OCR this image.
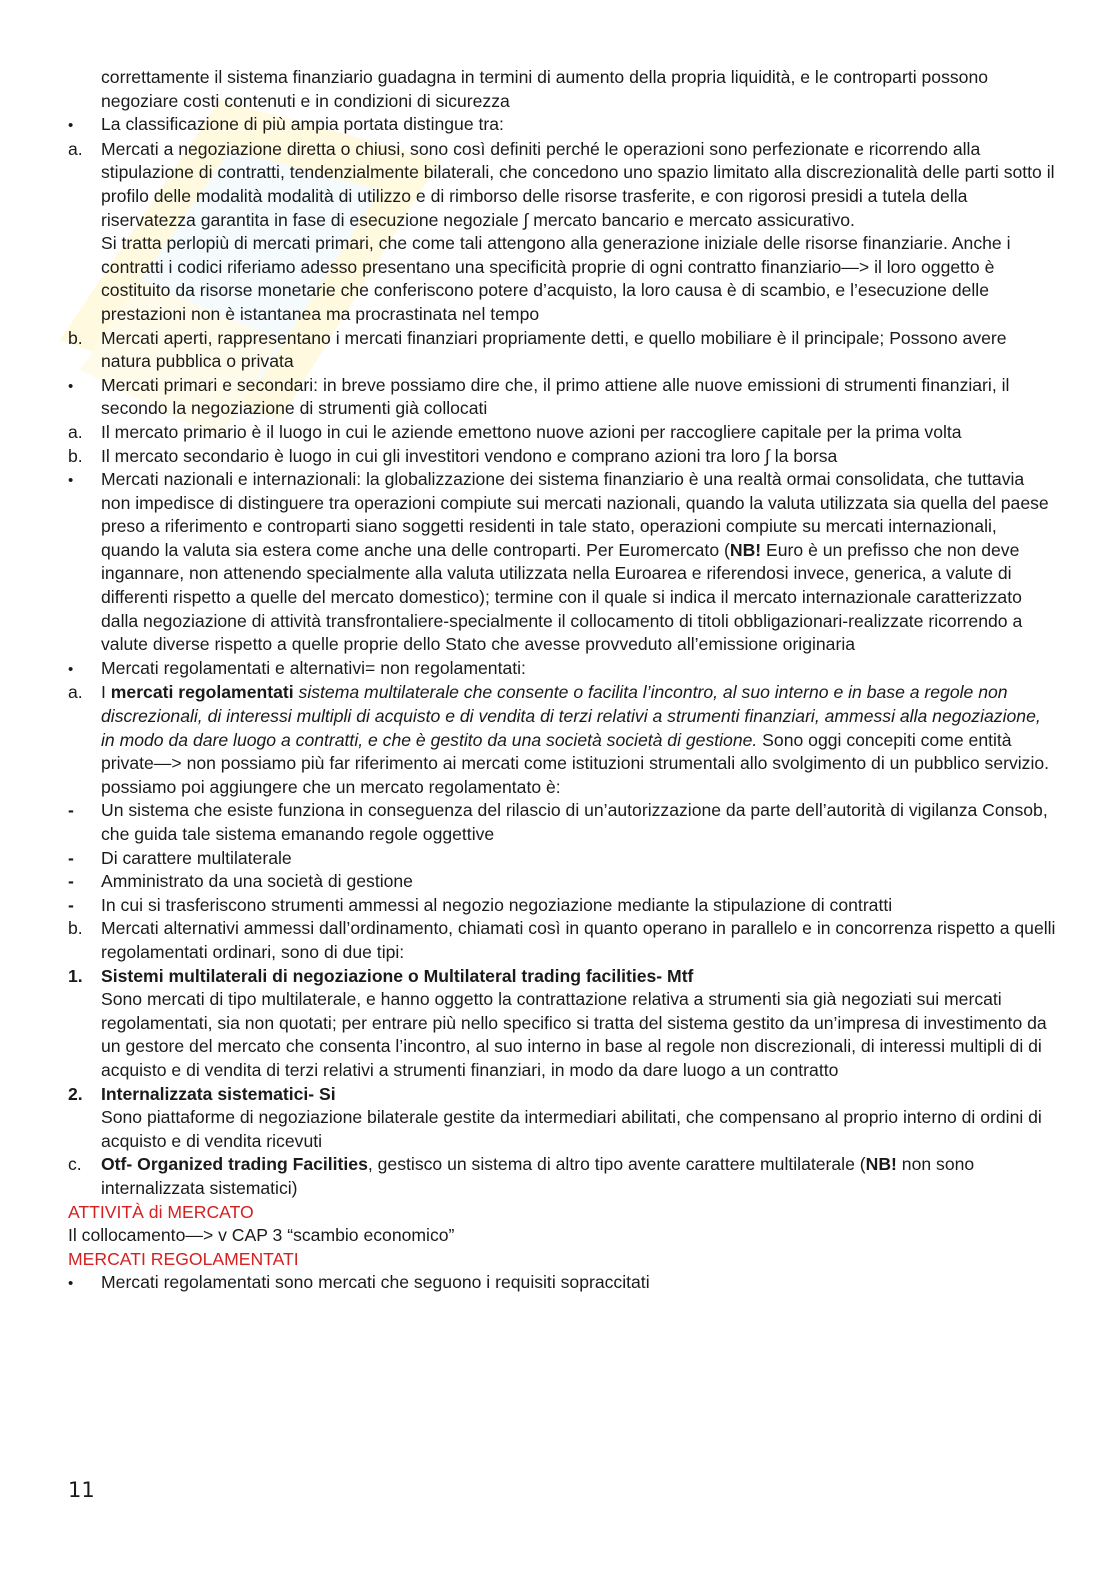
correttamente il sistema finanziario guadagna in termini di aumento della propria liquidità, e le controparti possono negoziare costi contenuti e in condizioni di sicurezza
•
La classificazione di più ampia portata distingue tra:
a.	Mercati a negoziazione diretta o chiusi, sono così definiti perché le operazioni sono perfezionate e ricorrendo alla stipulazione di contratti, tendenzialmente bilaterali, che concedono uno spazio limitato alla discrezionalità delle parti sotto il profilo delle modalità modalità di utilizzo e di rimborso delle risorse trasferite, e con rigorosi presidi a tutela della riservatezza garantita in fase di esecuzione negoziale ∫ mercato bancario e mercato assicurativo.
Si tratta perlopiù di mercati primari, che come tali attengono alla generazione iniziale delle risorse finanziarie. Anche i contratti i codici riferiamo adesso presentano una specificità proprie di ogni contratto finanziario—> il loro oggetto è costituito da risorse monetarie che conferiscono potere d’acquisto, la loro causa è di scambio, e l’esecuzione delle prestazioni non è istantanea ma procrastinata nel tempo
b.	Mercati aperti, rappresentano i mercati finanziari propriamente detti, e quello mobiliare è il principale; Possono avere natura pubblica o privata
•
Mercati primari e secondari: in breve possiamo dire che, il primo attiene alle nuove emissioni di strumenti finanziari, il secondo la negoziazione di strumenti già collocati
a.	Il mercato primario è il luogo in cui le aziende emettono nuove azioni per raccogliere capitale per la prima volta
b.	Il mercato secondario è luogo in cui gli investitori vendono e comprano azioni tra loro ∫ la borsa
•
Mercati nazionali e internazionali: la globalizzazione dei sistema finanziario è una realtà ormai consolidata, che tuttavia non impedisce di distinguere tra operazioni compiute sui mercati nazionali, quando la valuta utilizzata sia quella del paese preso a riferimento e controparti siano soggetti residenti in tale stato, operazioni compiute su mercati internazionali, quando la valuta sia estera come anche una delle controparti. Per Euromercato (NB! Euro è un prefisso che non deve ingannare, non attenendo specialmente alla valuta utilizzata nella Euroarea e riferendosi invece, generica, a valute di differenti rispetto a quelle del mercato domestico); termine con il quale si indica il mercato internazionale caratterizzato dalla negoziazione di attività transfrontaliere-specialmente il collocamento di titoli obbligazionari-realizzate ricorrendo a valute diverse rispetto a quelle proprie dello Stato che avesse provveduto all’emissione originaria
•
Mercati regolamentati e alternativi= non regolamentati:
a.	I mercati regolamentati sistema multilaterale che consente o facilita l’incontro, al suo interno e in base a regole non discrezionali, di interessi multipli di acquisto e di vendita di terzi relativi a strumenti finanziari, ammessi alla negoziazione, in modo da dare luogo a contratti, e che è gestito da una società società di gestione. Sono oggi concepiti come entità private—> non possiamo più far riferimento ai mercati come istituzioni strumentali allo svolgimento di un pubblico servizio. possiamo poi aggiungere che un mercato regolamentato è:
-	Un sistema che esiste funziona in conseguenza del rilascio di un’autorizzazione da parte dell’autorità di vigilanza Consob, che guida tale sistema emanando regole oggettive
-	Di carattere multilaterale
-	Amministrato da una società di gestione
-	In cui si trasferiscono strumenti ammessi al negozio negoziazione mediante la stipulazione di contratti
b.	Mercati alternativi ammessi dall’ordinamento, chiamati così in quanto operano in parallelo e in concorrenza rispetto a quelli regolamentati ordinari, sono di due tipi:
1.	Sistemi multilaterali di negoziazione o Multilateral trading facilities- Mtf
Sono mercati di tipo multilaterale, e hanno oggetto la contrattazione relativa a strumenti sia già negoziati sui mercati regolamentati, sia non quotati; per entrare più nello specifico si tratta del sistema gestito da un’impresa di investimento da un gestore del mercato che consenta l’incontro, al suo interno in base al regole non discrezionali, di interessi multipli di di acquisto e di vendita di terzi relativi a strumenti finanziari, in modo da dare luogo a un contratto
2.	Internalizzata sistematici- Si
Sono piattaforme di negoziazione bilaterale gestite da intermediari abilitati, che compensano al proprio interno di ordini di acquisto e di vendita ricevuti
c.	Otf- Organized trading Facilities, gestisco un sistema di altro tipo avente carattere multilaterale (NB! non sono internalizzata sistematici)
ATTIVITÀ di MERCATO
Il collocamento—> v CAP 3 “scambio economico”
MERCATI REGOLAMENTATI
•
Mercati regolamentati sono mercati che seguono i requisiti sopraccitati
11
